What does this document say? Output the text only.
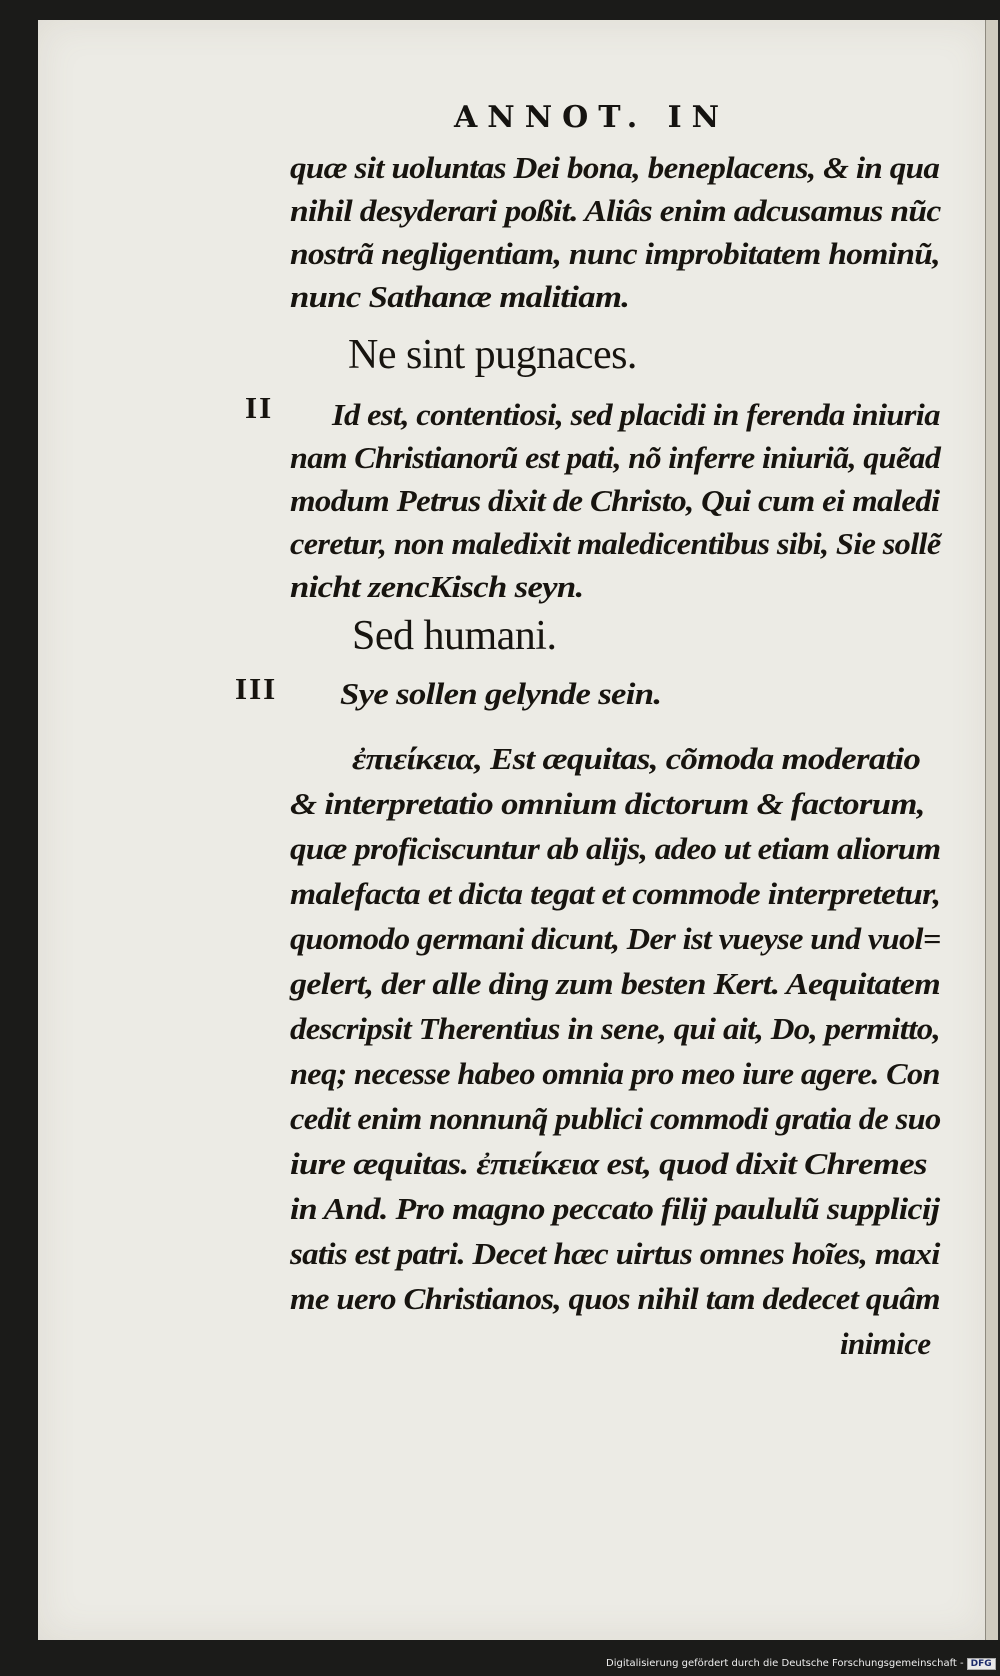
ANNOT. IN
quæ sit uoluntas Dei bona, beneplacens, & in qua
nihil desyderari poßit. Aliâs enim adcusamus nũc
nostrã negligentiam, nunc improbitatem hominũ,
nunc Sathanæ malitiam.
Ne sint pugnaces.
II Id est, contentiosi, sed placidi in ferenda iniuria
nam Christianorũ est pati, nõ inferre iniuriã, quẽad
modum Petrus dixit de Christo, Qui cum ei maledi
ceretur, non maledixit maledicentibus sibi, Sie sollẽ
nicht zencKisch seyn.
Sed humani.
III Sye sollen gelynde sein.
ἐπιείκεια, Est æquitas, cõmoda moderatio
& interpretatio omnium dictorum & factorum,
quæ proficiscuntur ab alijs, adeo ut etiam aliorum
malefacta et dicta tegat et commode interpretetur,
quomodo germani dicunt, Der ist vueyse und vuol=
gelert, der alle ding zum besten Kert. Aequitatem
descripsit Therentius in sene, qui ait, Do, permitto,
neq; necesse habeo omnia pro meo iure agere. Con
cedit enim nonnunq̃ publici commodi gratia de suo
iure æquitas. ἐπιείκεια est, quod dixit Chremes
in And. Pro magno peccato filij paululũ supplicij
satis est patri. Decet hæc uirtus omnes hoĩes, maxi
me uero Christianos, quos nihil tam dedecet quâm
inimice
Digitalisierung gefördert durch die Deutsche Forschungsgemeinschaft - DFG
